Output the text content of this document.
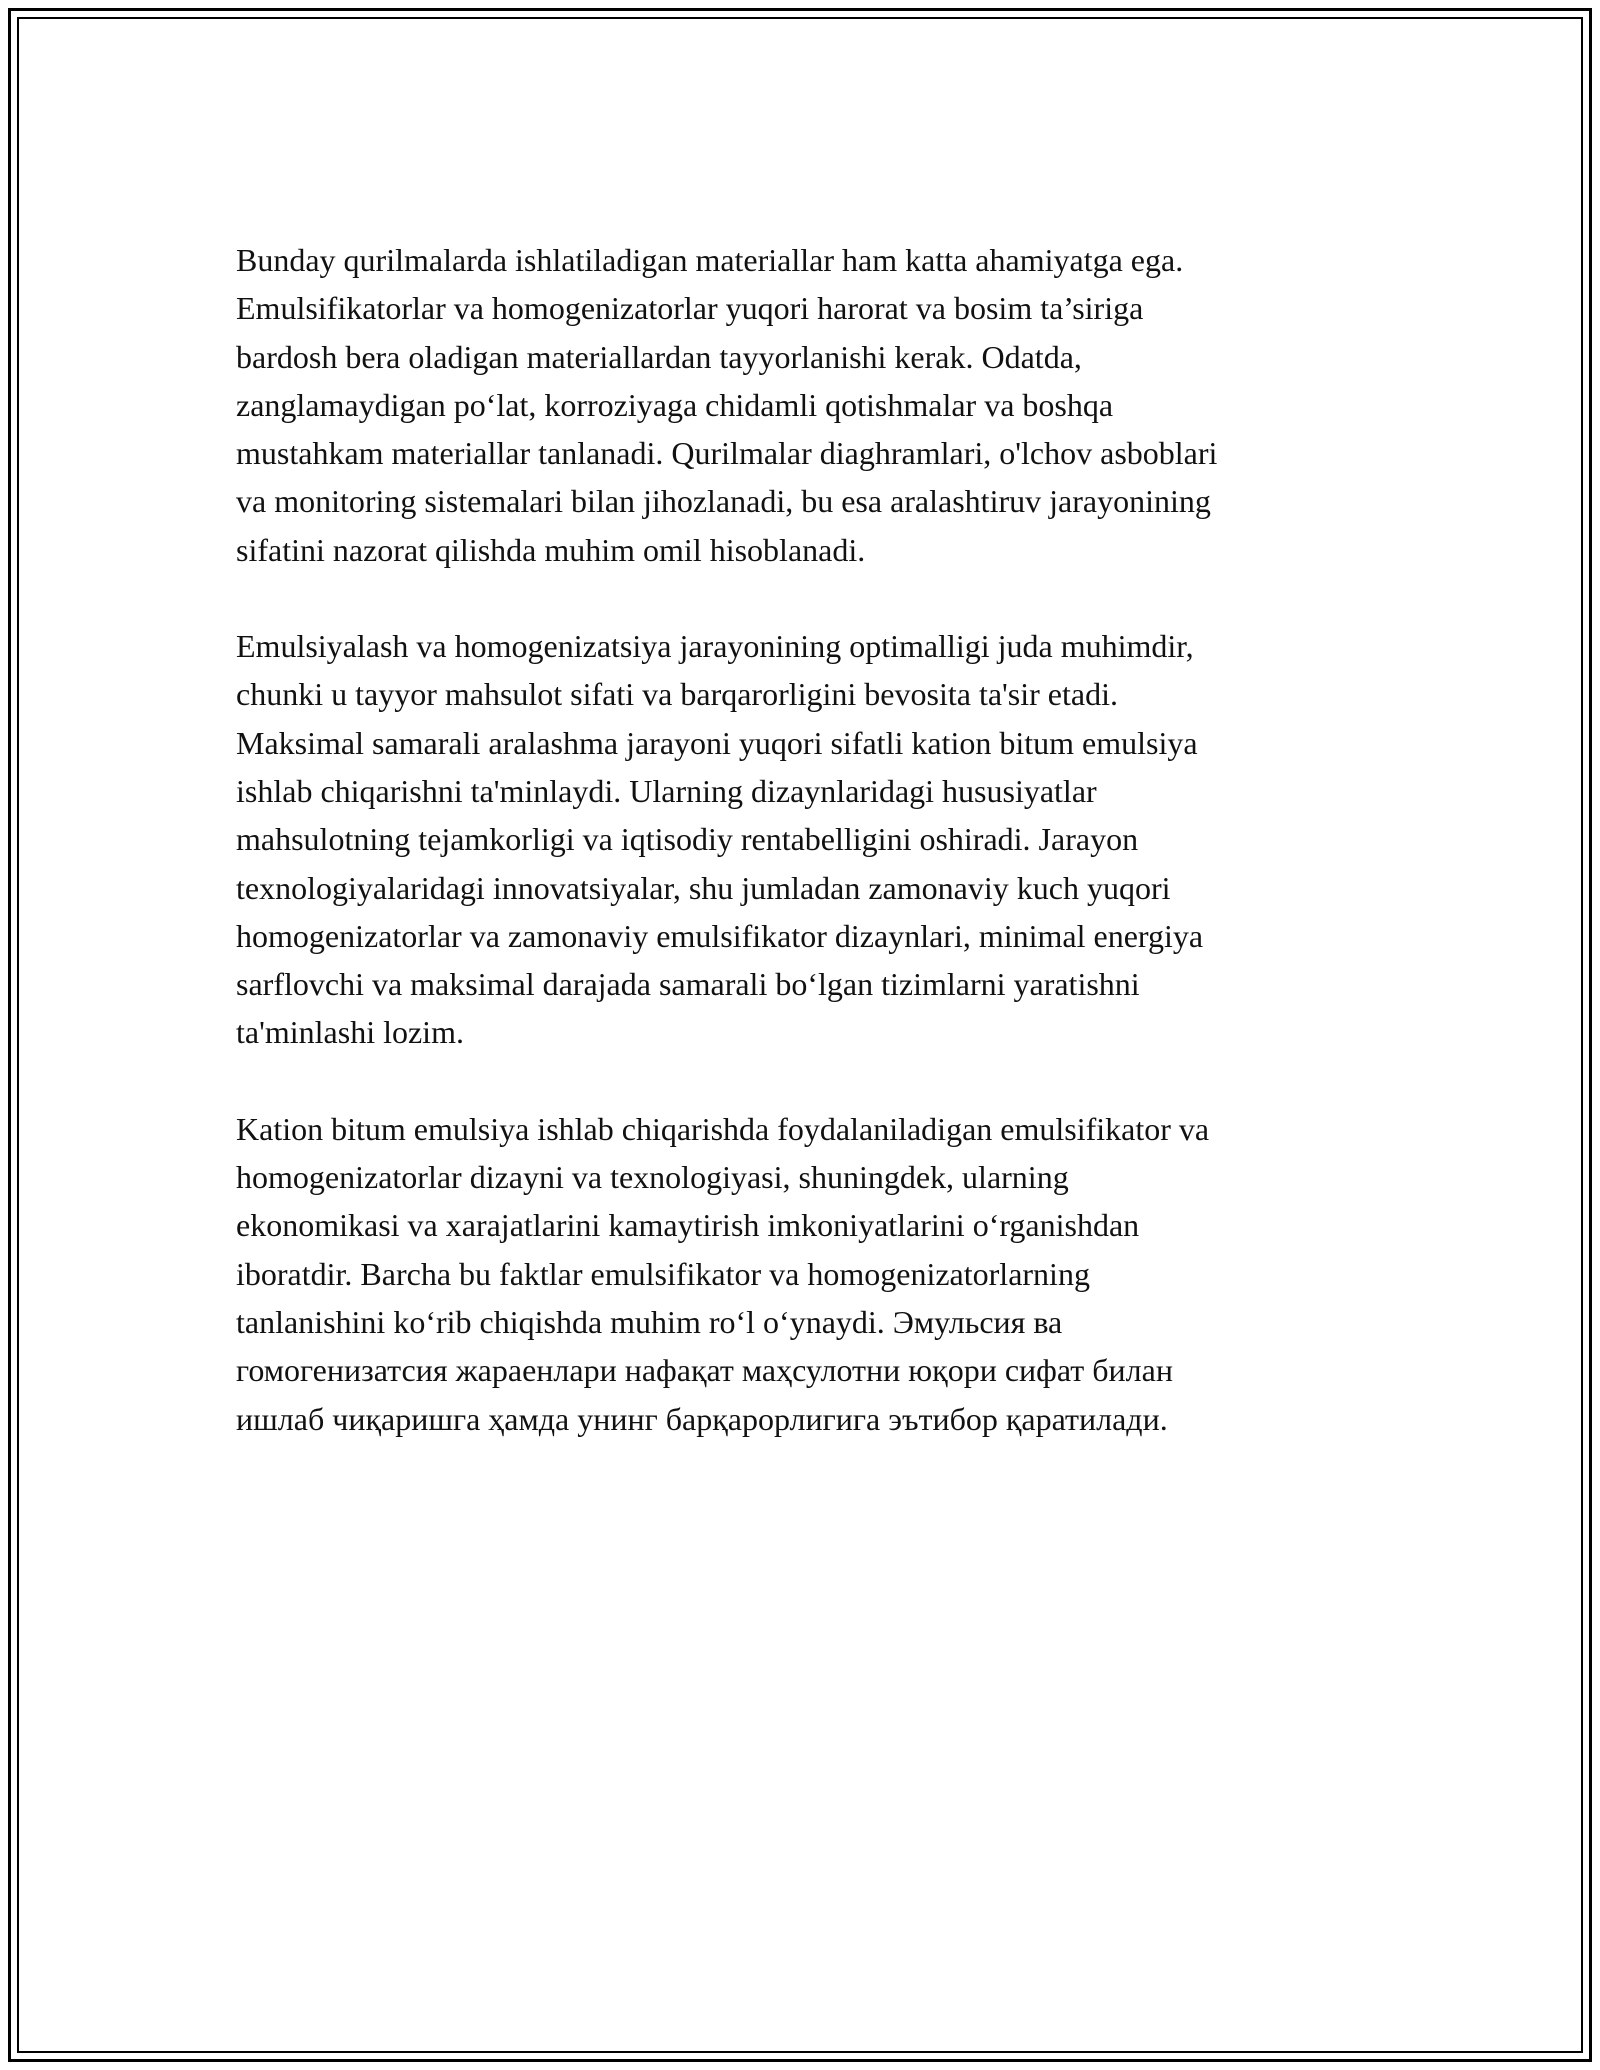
Bunday qurilmalarda ishlatiladigan materiallar ham katta ahamiyatga ega.
Emulsifikatorlar va homogenizatorlar yuqori harorat va bosim ta’siriga
bardosh bera oladigan materiallardan tayyorlanishi kerak. Odatda,
zanglamaydigan po‘lat, korroziyaga chidamli qotishmalar va boshqa
mustahkam materiallar tanlanadi. Qurilmalar diaghramlari, o'lchov asboblari
va monitoring sistemalari bilan jihozlanadi, bu esa aralashtiruv jarayonining
sifatini nazorat qilishda muhim omil hisoblanadi.

Emulsiyalash va homogenizatsiya jarayonining optimalligi juda muhimdir,
chunki u tayyor mahsulot sifati va barqarorligini bevosita ta'sir etadi.
Maksimal samarali aralashma jarayoni yuqori sifatli kation bitum emulsiya
ishlab chiqarishni ta'minlaydi. Ularning dizaynlaridagi hususiyatlar
mahsulotning tejamkorligi va iqtisodiy rentabelligini oshiradi. Jarayon
texnologiyalaridagi innovatsiyalar, shu jumladan zamonaviy kuch yuqori
homogenizatorlar va zamonaviy emulsifikator dizaynlari, minimal energiya
sarflovchi va maksimal darajada samarali bo‘lgan tizimlarni yaratishni
ta'minlashi lozim.

Kation bitum emulsiya ishlab chiqarishda foydalaniladigan emulsifikator va
homogenizatorlar dizayni va texnologiyasi, shuningdek, ularning
ekonomikasi va xarajatlarini kamaytirish imkoniyatlarini o‘rganishdan
iboratdir. Barcha bu faktlar emulsifikator va homogenizatorlarning
tanlanishini ko‘rib chiqishda muhim ro‘l o‘ynaydi. Эмульсия ва
гомогенизатсия жараенлари нафақат маҳсулотни юқори сифат билан
ишлаб чиқаришга ҳамда унинг барқарорлигига эътибор қаратилади.
